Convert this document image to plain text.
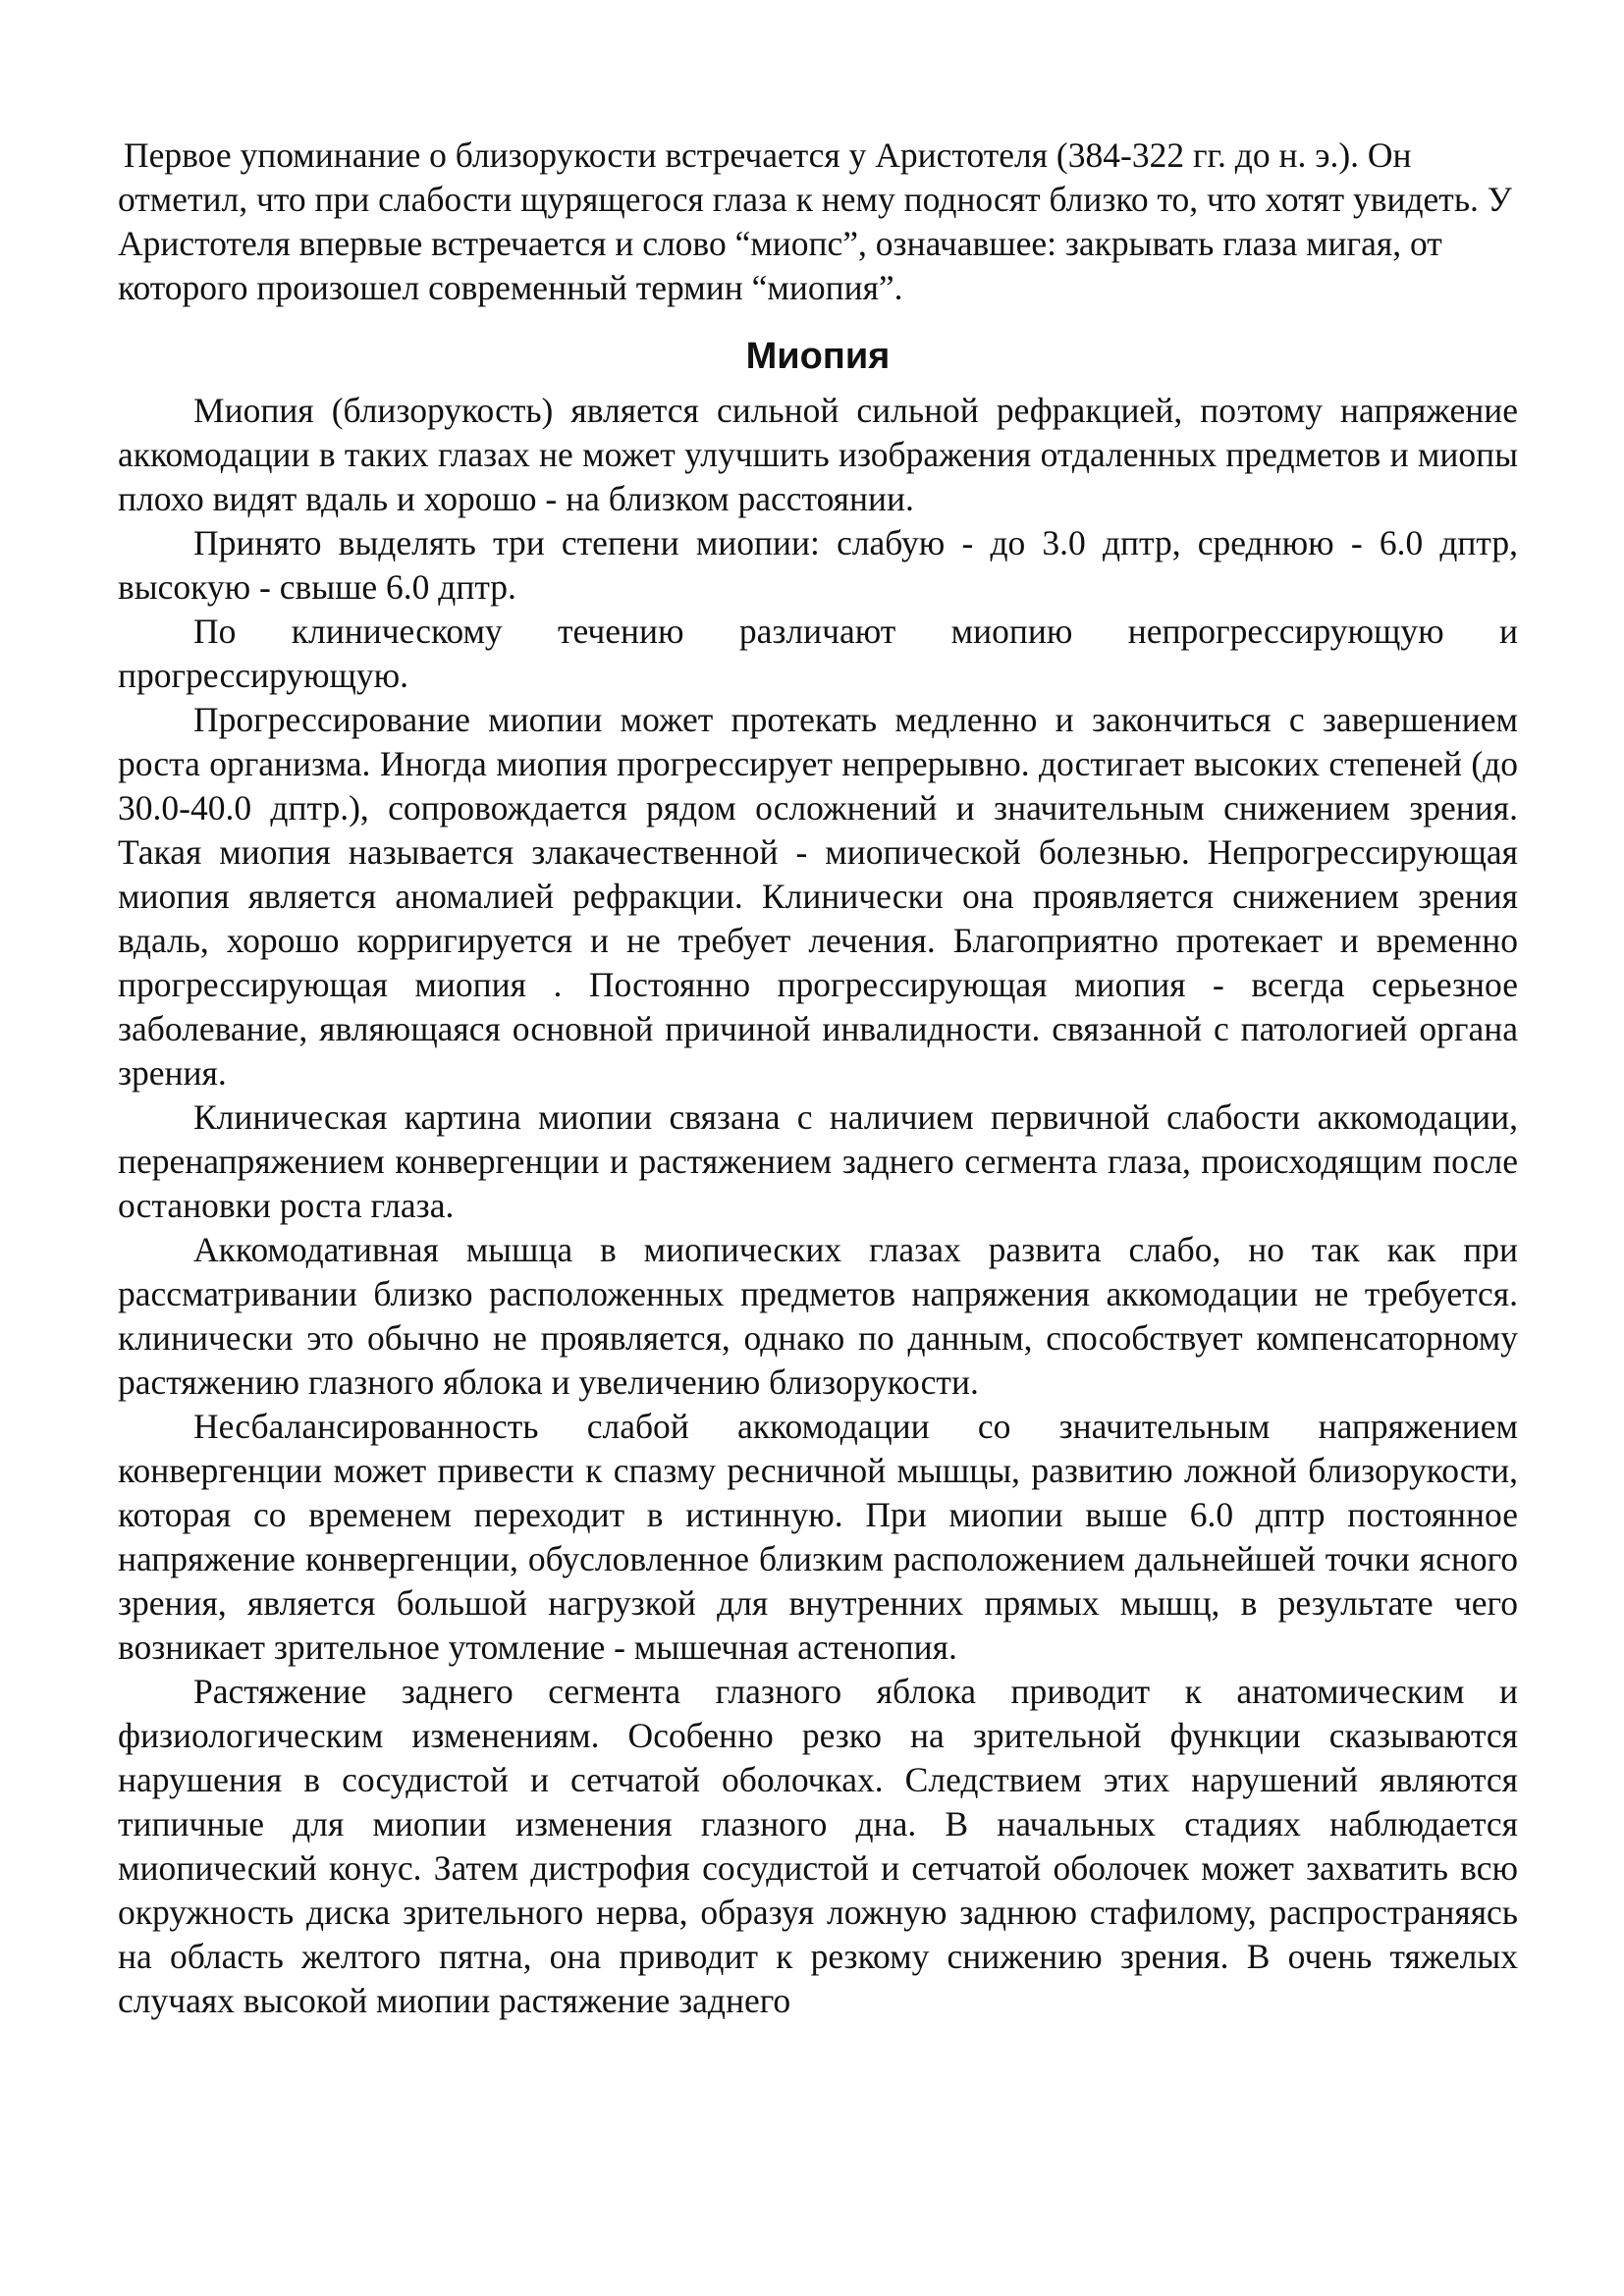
Первое упоминание о близорукости встречается у Аристотеля (384-322 гг. до н. э.). Он отметил, что при слабости щурящегося глаза к нему подносят близко то, что хотят увидеть. У Аристотеля впервые встречается и слово “миопс”, означавшее: закрывать глаза мигая, от которого произошел современный термин “миопия”.

Миопия

Миопия (близорукость) является сильной сильной рефракцией, поэтому напряжение аккомодации в таких глазах не может улучшить изображения отдаленных предметов и миопы плохо видят вдаль и хорошо - на близком расстоянии.

Принято выделять три степени миопии: слабую - до 3.0 дптр, среднюю - 6.0 дптр, высокую - свыше 6.0 дптр.

По клиническому течению различают миопию непрогрессирующую и прогрессирующую.

Прогрессирование миопии может протекать медленно и закончиться с завершением роста организма. Иногда миопия прогрессирует непрерывно. достигает высоких степеней (до 30.0-40.0 дптр.), сопровождается рядом осложнений и значительным снижением зрения. Такая миопия называется злакачественной - миопической болезнью. Непрогрессирующая миопия является аномалией рефракции. Клинически она проявляется снижением зрения вдаль, хорошо корригируется и не требует лечения. Благоприятно протекает и временно прогрессирующая миопия . Постоянно прогрессирующая миопия - всегда серьезное заболевание, являющаяся основной причиной инвалидности. связанной с патологией органа зрения.

Клиническая картина миопии связана с наличием первичной слабости аккомодации, перенапряжением конвергенции и растяжением заднего сегмента глаза, происходящим после остановки роста глаза.

Аккомодативная мышца в миопических глазах развита слабо, но так как при рассматривании близко расположенных предметов напряжения аккомодации не требуется. клинически это обычно не проявляется, однако по данным, способствует компенсаторному растяжению глазного яблока и увеличению близорукости.

Несбалансированность слабой аккомодации со значительным напряжением конвергенции может привести к спазму ресничной мышцы, развитию ложной близорукости, которая со временем переходит в истинную. При миопии выше 6.0 дптр постоянное напряжение конвергенции, обусловленное близким расположением дальнейшей точки ясного зрения, является большой нагрузкой для внутренних прямых мышц, в результате чего возникает зрительное утомление - мышечная астенопия.

Растяжение заднего сегмента глазного яблока приводит к анатомическим и физиологическим изменениям. Особенно резко на зрительной функции сказываются нарушения в сосудистой и сетчатой оболочках. Следствием этих нарушений являются типичные для миопии изменения глазного дна. В начальных стадиях наблюдается миопический конус. Затем дистрофия сосудистой и сетчатой оболочек может захватить всю окружность диска зрительного нерва, образуя ложную заднюю стафилому, распространяясь на область желтого пятна, она приводит к резкому снижению зрения. В очень тяжелых случаях высокой миопии растяжение заднего
